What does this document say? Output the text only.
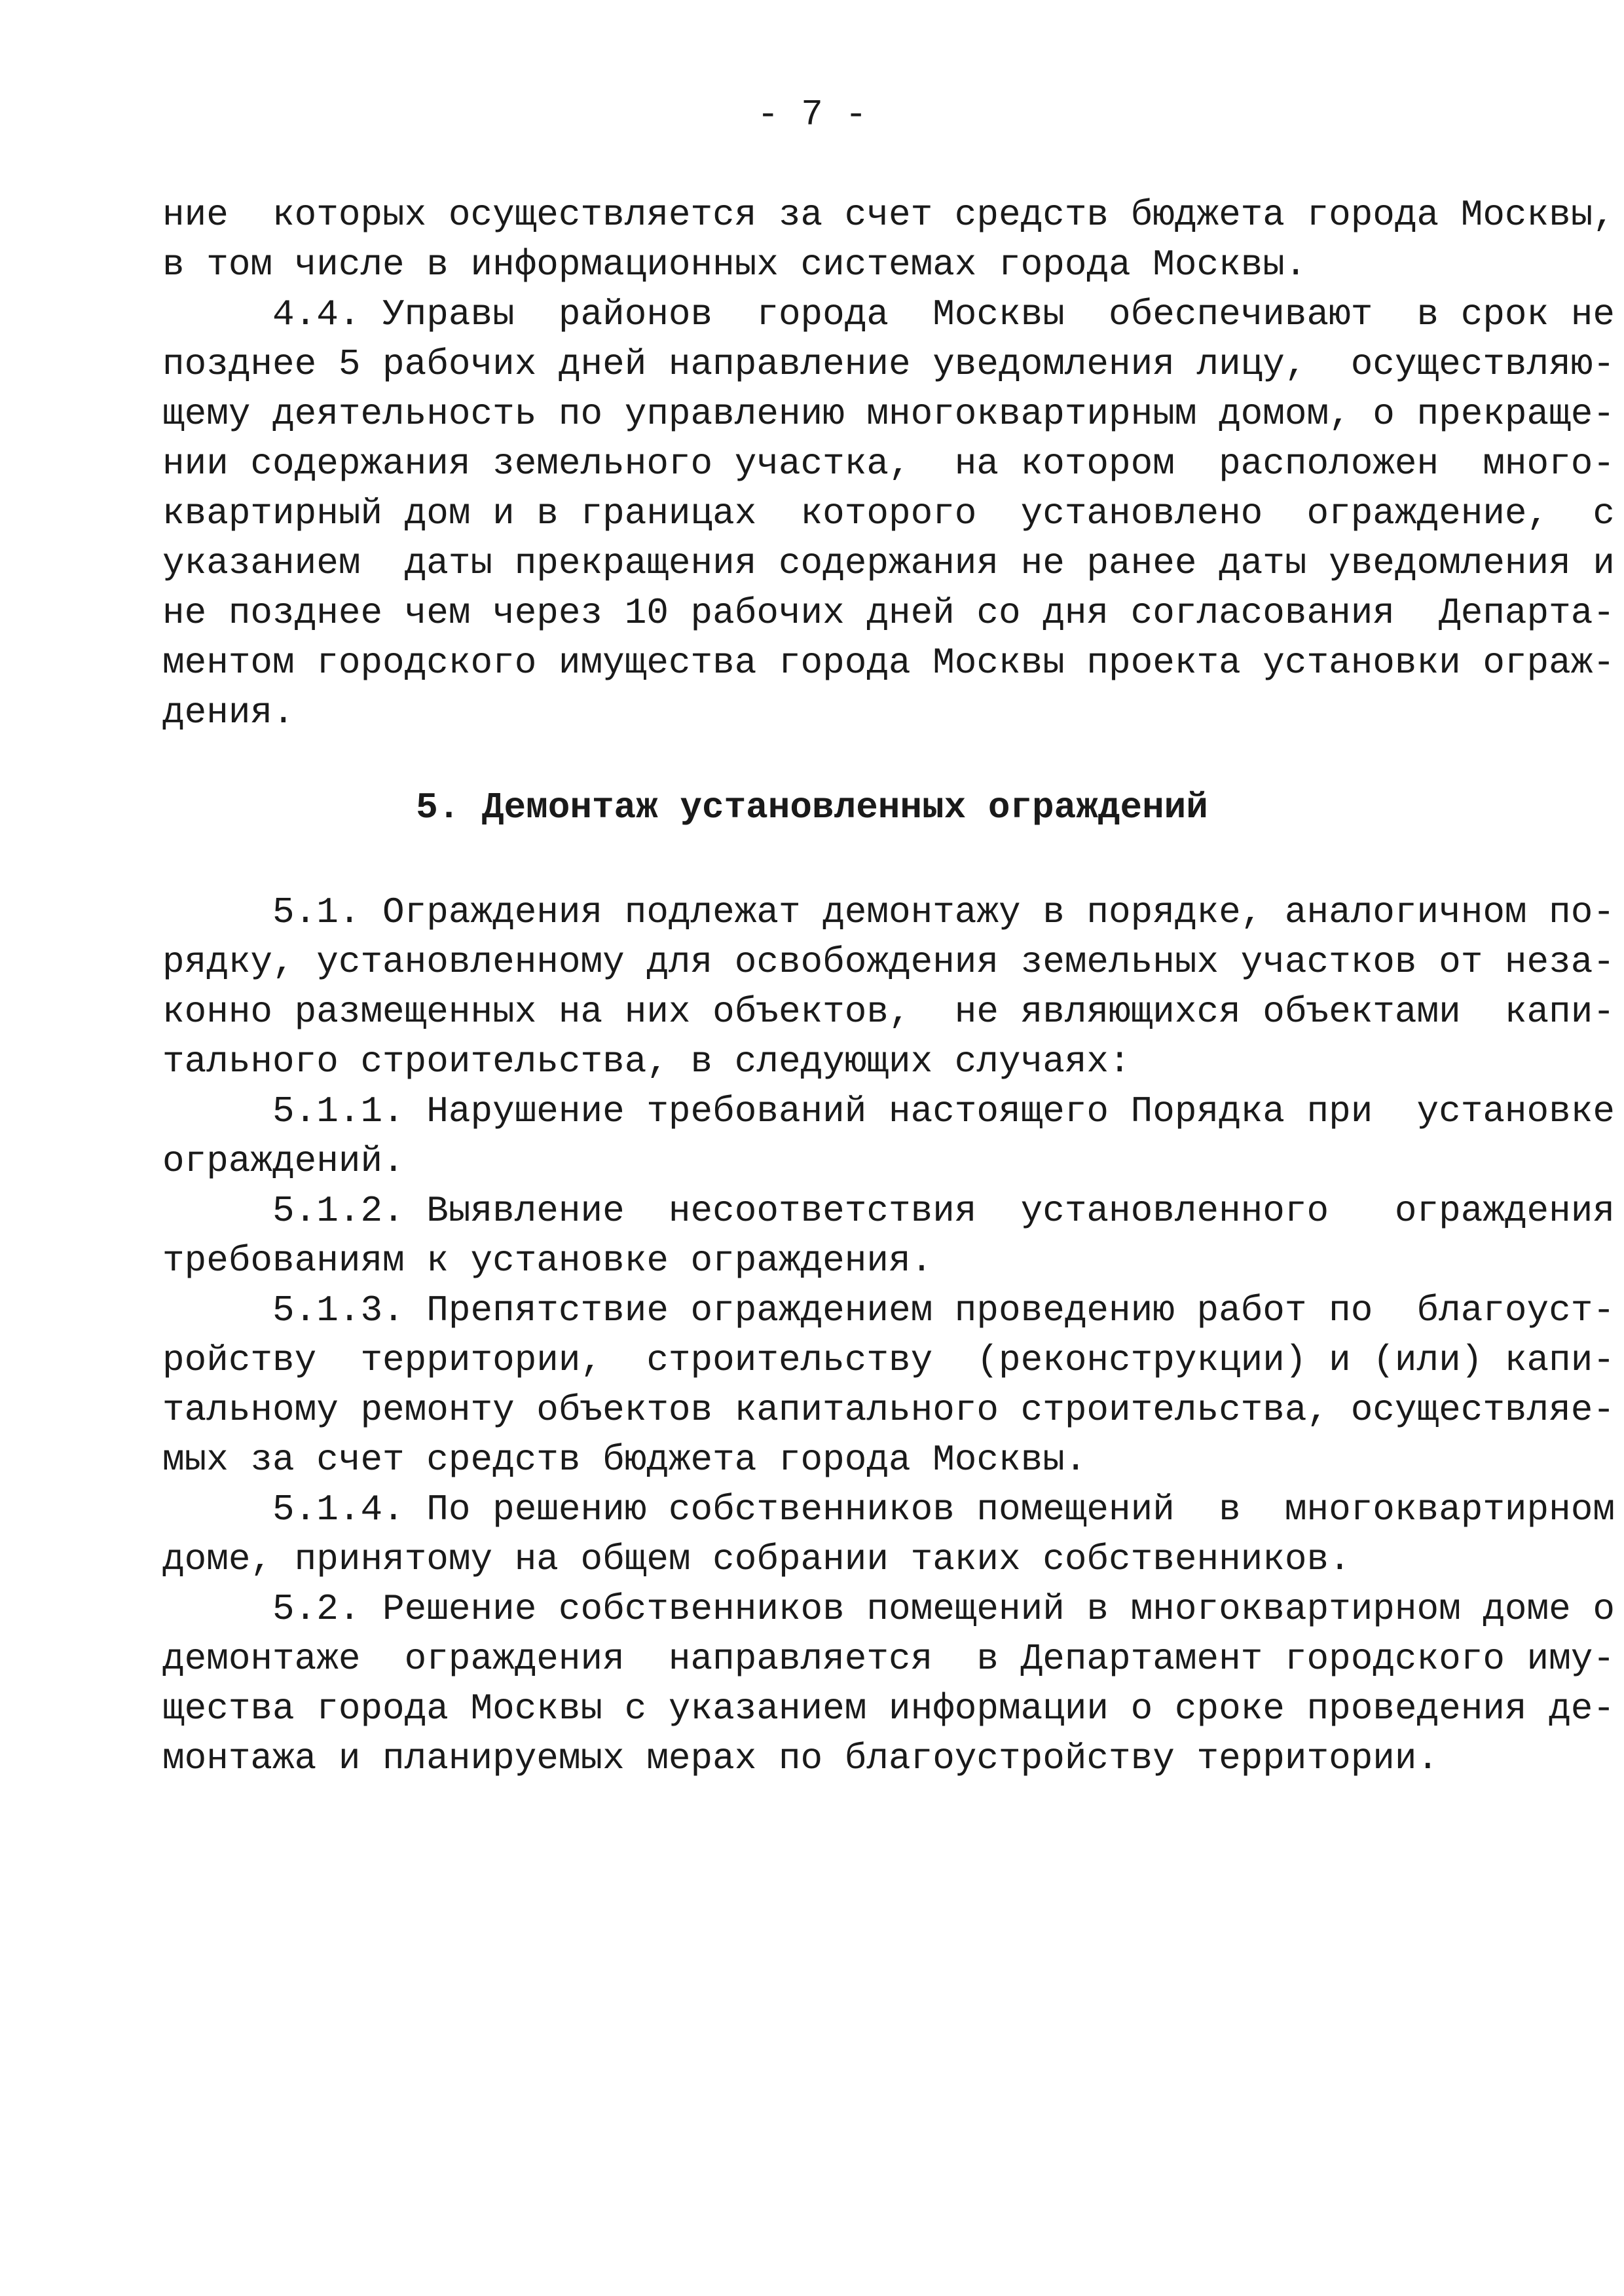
- 7 -
ние  которых осуществляется за счет средств бюджета города Москвы,
в том числе в информационных системах города Москвы.
4.4. Управы  районов  города  Москвы  обеспечивают  в срок не
позднее 5 рабочих дней направление уведомления лицу,  осуществляю-
щему деятельность по управлению многоквартирным домом, о прекраще-
нии содержания земельного участка,  на котором  расположен  много-
квартирный дом и в границах  которого  установлено  ограждение,  с
указанием  даты прекращения содержания не ранее даты уведомления и
не позднее чем через 10 рабочих дней со дня согласования  Департа-
ментом городского имущества города Москвы проекта установки ограж-
дения.
5. Демонтаж установленных ограждений
5.1. Ограждения подлежат демонтажу в порядке, аналогичном по-
рядку, установленному для освобождения земельных участков от неза-
конно размещенных на них объектов,  не являющихся объектами  капи-
тального строительства, в следующих случаях:
5.1.1. Нарушение требований настоящего Порядка при  установке
ограждений.
5.1.2. Выявление  несоответствия  установленного   ограждения
требованиям к установке ограждения.
5.1.3. Препятствие ограждением проведению работ по  благоуст-
ройству  территории,  строительству  (реконструкции) и (или) капи-
тальному ремонту объектов капитального строительства, осуществляе-
мых за счет средств бюджета города Москвы.
5.1.4. По решению собственников помещений  в  многоквартирном
доме, принятому на общем собрании таких собственников.
5.2. Решение собственников помещений в многоквартирном доме о
демонтаже  ограждения  направляется  в Департамент городского иму-
щества города Москвы с указанием информации о сроке проведения де-
монтажа и планируемых мерах по благоустройству территории.
